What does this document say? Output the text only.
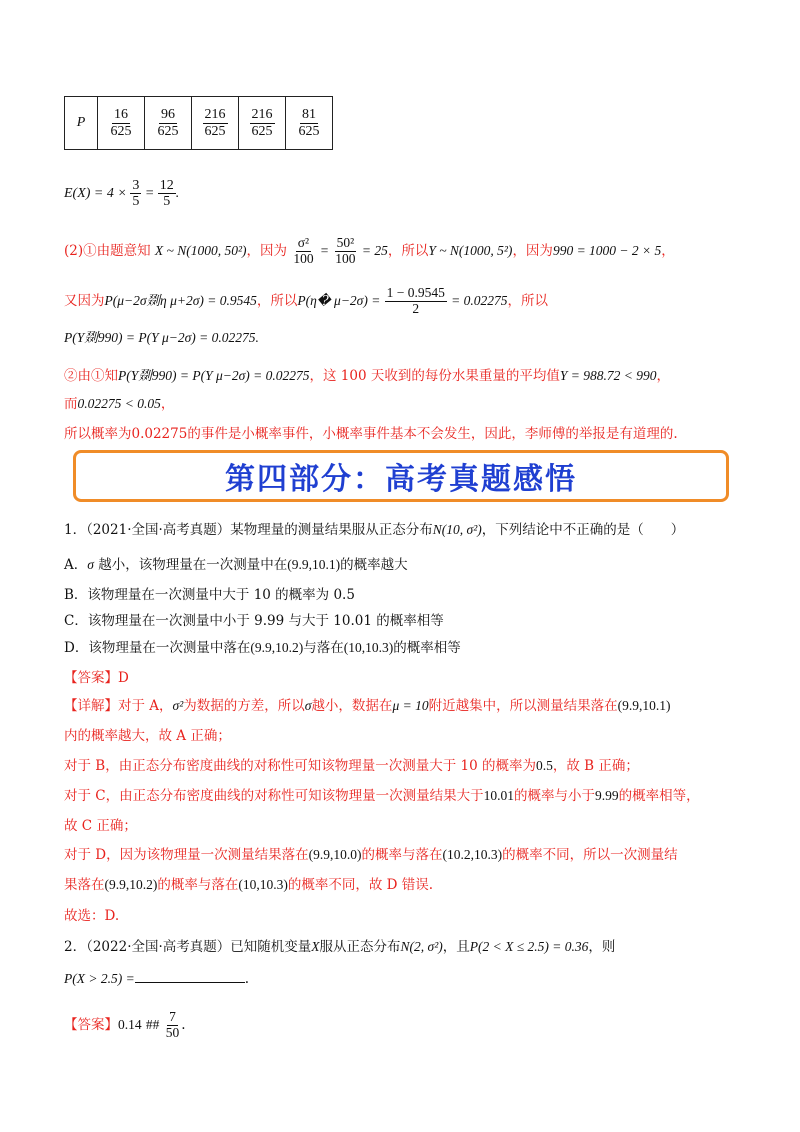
P	$\frac{16}{625}$	$\frac{96}{625}$	$\frac{216}{625}$	$\frac{216}{625}$	$\frac{81}{625}$
$E(X) = 4 \times \frac{3}{5} = \frac{12}{5}$ .
(2)①由题意知 X ~ N(1000, 50²)，因为 $\frac{\text{σ²}}{100} = \frac{\text{50²}}{100} = 25$，所以Y ~ N(1000, 5²)，因为990 = 1000 − 2 × 5，
又因为P(μ−2σ剟η μ+2σ) = 0.9545，所以P(η� $\mu-2\sigma) = \frac{1 - 0.9545}{2} = 0.02275$，所以
P(Y剟990) = P(Y μ−2σ) = 0.02275.
②由①知P(Y剟990) = P(Y μ−2σ) = 0.02275，这 100 天收到的每份水果重量的平均值Y = 988.72 < 990，
而0.02275 < 0.05，
所以概率为0.02275的事件是小概率事件，小概率事件基本不会发生，因此，李师傅的举报是有道理的.
第四部分：高考真题感悟
1．（2021·全国·高考真题）某物理量的测量结果服从正态分布N(10, σ²)，下列结论中不正确的是（　　）
A．σ 越小，该物理量在一次测量中在(9.9,10.1)的概率越大
B．该物理量在一次测量中大于 10 的概率为 0.5
C．该物理量在一次测量中小于 9.99 与大于 10.01 的概率相等
D．该物理量在一次测量中落在(9.9,10.2)与落在(10,10.3)的概率相等
【答案】D
【详解】对于 A，σ²为数据的方差，所以σ越小，数据在μ = 10附近越集中，所以测量结果落在(9.9,10.1)
内的概率越大，故 A 正确；
对于 B，由正态分布密度曲线的对称性可知该物理量一次测量大于 10 的概率为0.5，故 B 正确；
对于 C，由正态分布密度曲线的对称性可知该物理量一次测量结果大于10.01的概率与小于9.99的概率相等，
故 C 正确；
对于 D，因为该物理量一次测量结果落在(9.9,10.0)的概率与落在(10.2,10.3)的概率不同，所以一次测量结
果落在(9.9,10.2)的概率与落在(10,10.3)的概率不同，故 D 错误.
故选：D.
2．（2022·全国·高考真题）已知随机变量X服从正态分布N(2, σ²)，且P(2 < X ≤ 2.5) = 0.36，则
P(X > 2.5) =	.
【答案】0.14 ## $\frac{7}{50}$ .
